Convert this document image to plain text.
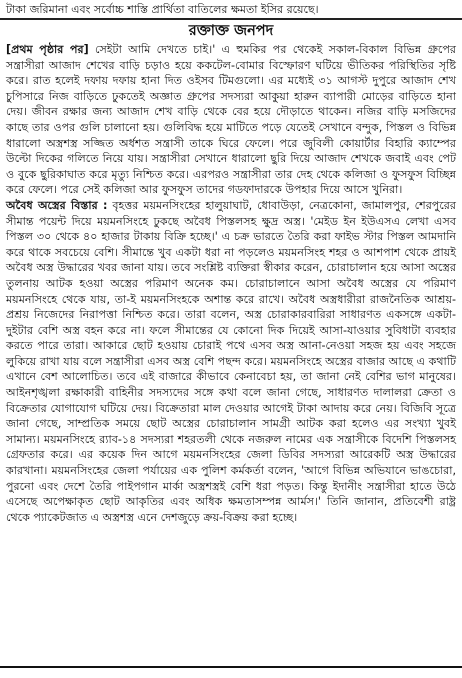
টাকা জরিমানা এবং সর্বোচ্চ শাস্তি প্রার্থিতা বাতিলের ক্ষমতা ইসির রয়েছে।

রক্তাক্ত জনপদ

[প্রথম পৃষ্ঠার পর] সেইটা আমি দেখতে চাই।' এ হুমকির পর থেকেই সকাল-বিকাল বিভিন্ন গ্রুপের সন্ত্রাসীরা আজাদ শেখের বাড়ি চড়াও হয়ে ককটেল-বোমার বিস্ফোরণ ঘটিয়ে ভীতিকর পরিস্থিতির সৃষ্টি করে। রাত হলেই দফায় দফায় হানা দিত ওইসব টিমগুলো। এর মধ্যেই ৩১ আগস্ট দুপুরে আজাদ শেখ চুপিসারে নিজ বাড়িতে ঢুকতেই অজ্ঞাত গ্রুপের সদস্যরা আকুয়া হারুন ব্যাপারী মোড়ের বাড়িতে হানা দেয়। জীবন রক্ষার জন্য আজাদ শেখ বাড়ি থেকে বের হয়ে দৌড়াতে থাকেন। নজির বাড়ি মসজিদের কাছে তার ওপর গুলি চালানো হয়। গুলিবিদ্ধ হয়ে মাটিতে পড়ে যেতেই সেখানে বন্দুক, পিস্তল ও বিভিন্ন ধারালো অস্ত্রশস্ত্র সজ্জিত অর্ধশত সন্ত্রাসী তাকে ঘিরে ফেলে। পরে জুবিলী কোয়ার্টার বিহারি ক্যাম্পের উল্টো দিকের গলিতে নিয়ে যায়। সন্ত্রাসীরা সেখানে ধারালো ছুরি দিয়ে আজাদ শেখকে জবাই এবং পেট ও বুকে ছুরিকাঘাত করে মৃত্যু নিশ্চিত করে। এরপরও সন্ত্রাসীরা তার দেহ থেকে কলিজা ও ফুসফুস বিচ্ছিন্ন করে ফেলে। পরে সেই কলিজা আর ফুসফুস তাদের গডফাদারকে উপহার দিয়ে আসে খুনিরা।

অবৈধ অস্ত্রের বিস্তার : বৃহত্তর ময়মনসিংহের হালুয়াঘাট, ধোবাউড়া, নেত্রকোনা, জামালপুর, শেরপুরের সীমান্ত পয়েন্ট দিয়ে ময়মনসিংহে ঢুকছে অবৈধ পিস্তলসহ ক্ষুদ্র অস্ত্র। 'মেইড ইন ইউএসএ লেখা এসব পিস্তল ৩০ থেকে ৪০ হাজার টাকায় বিক্রি হচ্ছে।' এ চক্র ভারতে তৈরি করা ফাইভ স্টার পিস্তল আমদানি করে থাকে সবচেয়ে বেশি। সীমান্তে খুব একটা ধরা না পড়লেও ময়মনসিংহ শহর ও আশপাশ থেকে প্রায়ই অবৈধ অস্ত্র উদ্ধারের খবর জানা যায়। তবে সংশ্লিষ্ট ব্যক্তিরা স্বীকার করেন, চোরাচালান হয়ে আসা অস্ত্রের তুলনায় আটক হওয়া অস্ত্রের পরিমাণ অনেক কম। চোরাচালানে আসা অবৈধ অস্ত্রের যে পরিমাণ ময়মনসিংহে থেকে যায়, তা-ই ময়মনসিংহকে অশান্ত করে রাখে। অবৈধ অস্ত্রধারীরা রাজনৈতিক আশ্রয়-প্রশ্রয় নিজেদের নিরাপত্তা নিশ্চিত করে। তারা বলেন, অস্ত্র চোরাকারবারিরা সাধারণত একসঙ্গে একটা-দুইটার বেশি অস্ত্র বহন করে না। ফলে সীমান্তের যে কোনো দিক দিয়েই আসা-যাওয়ার সুবিধাটা ব্যবহার করতে পারে তারা। আকারে ছোট হওয়ায় চোরাই পথে এসব অস্ত্র আনা-নেওয়া সহজ হয় এবং সহজে লুকিয়ে রাখা যায় বলে সন্ত্রাসীরা এসব অস্ত্র বেশি পছন্দ করে। ময়মনসিংহে অস্ত্রের বাজার আছে এ কথাটি এখানে বেশ আলোচিত। তবে এই বাজারে কীভাবে কেনাবেচা হয়, তা জানা নেই বেশির ভাগ মানুষের। আইনশৃঙ্খলা রক্ষাকারী বাহিনীর সদস্যদের সঙ্গে কথা বলে জানা গেছে, সাধারণত দালালরা ক্রেতা ও বিক্রেতার যোগাযোগ ঘটিয়ে দেয়। বিক্রেতারা মাল দেওয়ার আগেই টাকা আদায় করে নেয়। বিজিবি সূত্রে জানা গেছে, সাম্প্রতিক সময়ে ছোট অস্ত্রের চোরাচালান সামগ্রী আটক করা হলেও এর সংখ্যা খুবই সামান্য। ময়মনসিংহে র‍্যাব-১৪ সদস্যরা শহরতলী থেকে নজরুল নামের এক সন্ত্রাসীকে বিদেশি পিস্তলসহ গ্রেফতার করে। এর কয়েক দিন আগে ময়মনসিংহের জেলা ডিবির সদস্যরা আরেকটি অস্ত্র উদ্ধারের কারখানা। ময়মনসিংহের জেলা পর্যায়ের এক পুলিশ কর্মকর্তা বলেন, 'আগে বিভিন্ন অভিযানে ভাঙচোরা, পুরনো এবং দেশে তৈরি পাইপগান মার্কা অস্ত্রশস্ত্রই বেশি ধরা পড়ত। কিন্তু ইদানীং সন্ত্রাসীরা হাতে উঠে এসেছে অপেক্ষাকৃত ছোট আকৃতির এবং অধিক ক্ষমতাসম্পন্ন আর্মস।' তিনি জানান, প্রতিবেশী রাষ্ট্র থেকে প্যাকেটজাত এ অস্ত্রশস্ত্র এনে দেশজুড়ে ক্রয়-বিক্রয় করা হচ্ছে।
